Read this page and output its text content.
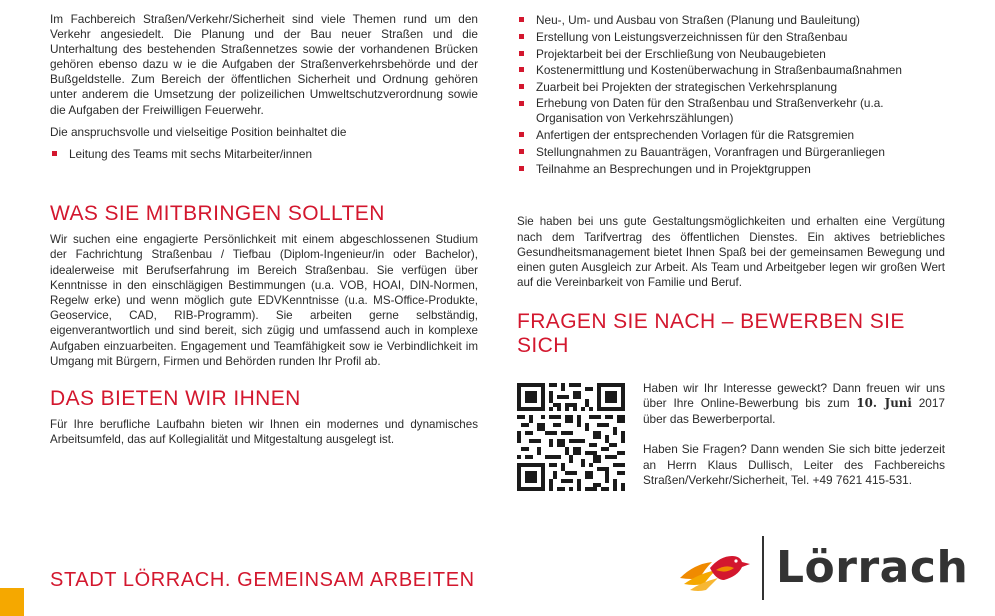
Im Fachbereich Straßen/Verkehr/Sicherheit sind viele Themen rund um den Verkehr angesiedelt. Die Planung und der Bau neuer Straßen und die Unterhaltung des bestehenden Straßennetzes sowie der vorhandenen Brücken gehören ebenso dazu w ie die Aufgaben der Straßenverkehrsbehörde und der Bußgeldstelle. Zum Bereich der öffentlichen Sicherheit und Ordnung gehören unter anderem die Umsetzung der polizeilichen Umweltschutzverordnung sowie die Aufgaben der Freiwilligen Feuerwehr.

Die anspruchsvolle und vielseitige Position beinhaltet die

Leitung des Teams mit sechs Mitarbeiter/innen
WAS SIE MITBRINGEN SOLLTEN

Wir suchen eine engagierte Persönlichkeit mit einem abgeschlossenen Studium der Fachrichtung Straßenbau / Tiefbau (Diplom-Ingenieur/in oder Bachelor), idealerweise mit Berufserfahrung im Bereich Straßenbau. Sie verfügen über Kenntnisse in den einschlägigen Bestimmungen (u.a. VOB, HOAI, DIN-Normen, Regelw erke) und wenn möglich gute EDVKenntnisse (u.a. MS-Office-Produkte, Geoservice, CAD, RIB-Programm). Sie arbeiten gerne selbständig, eigenverantwortlich und sind bereit, sich zügig und umfassend auch in komplexe Aufgaben einzuarbeiten. Engagement und Teamfähigkeit sow ie Verbindlichkeit im Umgang mit Bürgern, Firmen und Behörden runden Ihr Profil ab.

DAS BIETEN WIR IHNEN

Für Ihre berufliche Laufbahn bieten wir Ihnen ein modernes und dynamisches Arbeitsumfeld, das auf Kollegialität und Mitgestaltung ausgelegt ist.

Neu-, Um- und Ausbau von Straßen (Planung und Bauleitung)
Erstellung von Leistungsverzeichnissen für den Straßenbau
Projektarbeit bei der Erschließung von Neubaugebieten
Kostenermittlung und Kostenüberwachung in Straßenbaumaßnahmen
Zuarbeit bei Projekten der strategischen Verkehrsplanung
Erhebung von Daten für den Straßenbau und Straßenverkehr (u.a. Organisation von Verkehrszählungen)
Anfertigen der entsprechenden Vorlagen für die Ratsgremien
Stellungnahmen zu Bauanträgen, Voranfragen und Bürgeranliegen
Teilnahme an Besprechungen und in Projektgruppen

Sie haben bei uns gute Gestaltungsmöglichkeiten und erhalten eine Vergütung nach dem Tarifvertrag des öffentlichen Dienstes. Ein aktives betriebliches Gesundheitsmanagement bietet Ihnen Spaß bei der gemeinsamen Bewegung und einen guten Ausgleich zur Arbeit. Als Team und Arbeitgeber legen wir großen Wert auf die Vereinbarkeit von Familie und Beruf.

FRAGEN SIE NACH – BEWERBEN SIE SICH

Haben wir Ihr Interesse geweckt? Dann freuen wir uns über Ihre Online-Bewerbung bis zum 10. Juni 2017 über das Bewerberportal.

Haben Sie Fragen? Dann wenden Sie sich bitte jederzeit an Herrn Klaus Dullisch, Leiter des Fachbereichs Straßen/Verkehr/Sicherheit, Tel. +49 7621 415-531.

STADT LÖRRACH. GEMEINSAM ARBEITEN	Lörrach
